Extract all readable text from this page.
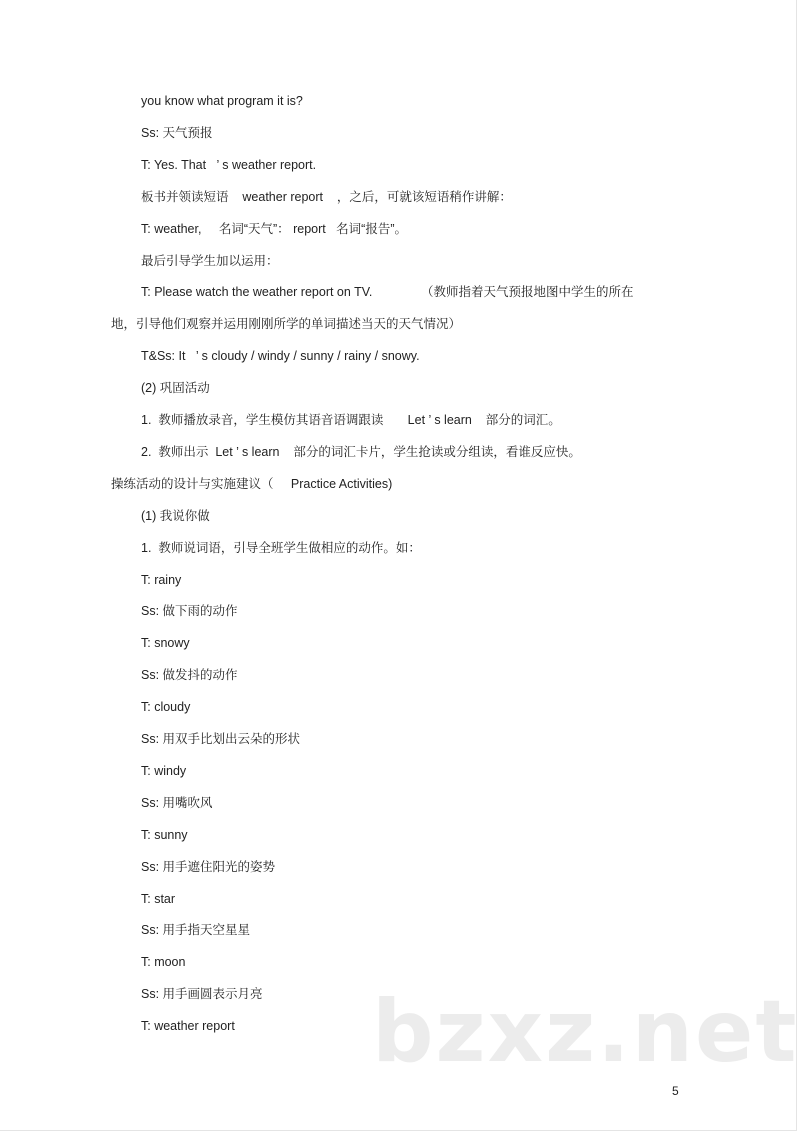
you know what program it is?
Ss: 天气预报
T: Yes. That   ’ s weather report.
板书并领读短语    weather report    ，之后，可就该短语稍作讲解：
T: weather,     名词“天气”： report   名词“报告”。
最后引导学生加以运用：
T: Please watch the weather report on TV.              （教师指着天气预报地图中学生的所在
地，引导他们观察并运用刚刚所学的单词描述当天的天气情况）
T&Ss: It   ’ s cloudy / windy / sunny / rainy / snowy.
(2) 巩固活动
1.  教师播放录音，学生模仿其语音语调跟读       Let ’ s learn    部分的词汇。
2.  教师出示  Let ’ s learn    部分的词汇卡片，学生抢读或分组读，看谁反应快。
操练活动的设计与实施建议（     Practice Activities)
(1) 我说你做
1.  教师说词语，引导全班学生做相应的动作。如：
T: rainy
Ss: 做下雨的动作
T: snowy
Ss: 做发抖的动作
T: cloudy
Ss: 用双手比划出云朵的形状
T: windy
Ss: 用嘴吹风
T: sunny
Ss: 用手遮住阳光的姿势
T: star
Ss: 用手指天空星星
T: moon
Ss: 用手画圆表示月亮
T: weather report bzxz.net
5
